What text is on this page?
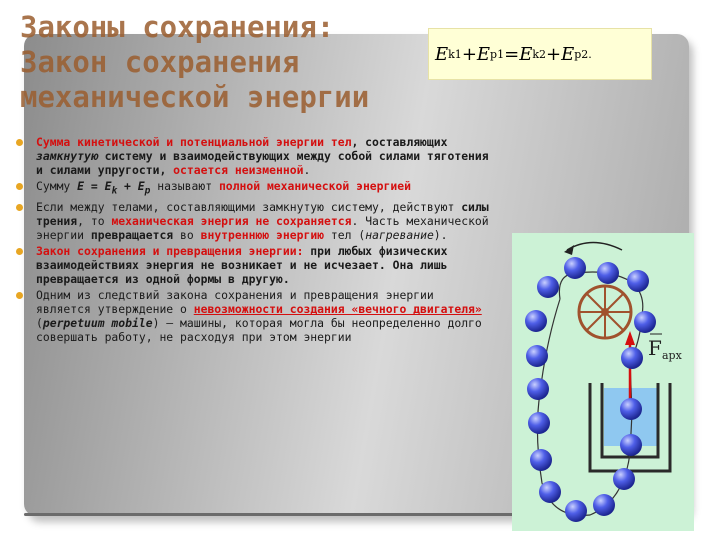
Законы сохранения:
Закон сохранения
механической энергии
E k1 + E p1 = E k2 + E p2.
Сумма кинетической и потенциальной энергии тел, составляющих замкнутую систему и взаимодействующих между собой силами тяготения и силами упругости, остается неизменной.
Сумму $E = E_k + E_p$ называют полной механической энергией
Если между телами, составляющими замкнутую систему, действуют силы трения, то механическая энергия не сохраняется. Часть механической энергии превращается во внутреннюю энергию тел (нагревание).
Закон сохранения и превращения энергии: при любых физических взаимодействиях энергия не возникает и не исчезает. Она лишь превращается из одной формы в другую.
Одним из следствий закона сохранения и превращения энергии является утверждение о невозможности создания «вечного двигателя» (perpetuum mobile) – машины, которая могла бы неопределенно долго совершать работу, не расходуя при этом энергии	F арх
